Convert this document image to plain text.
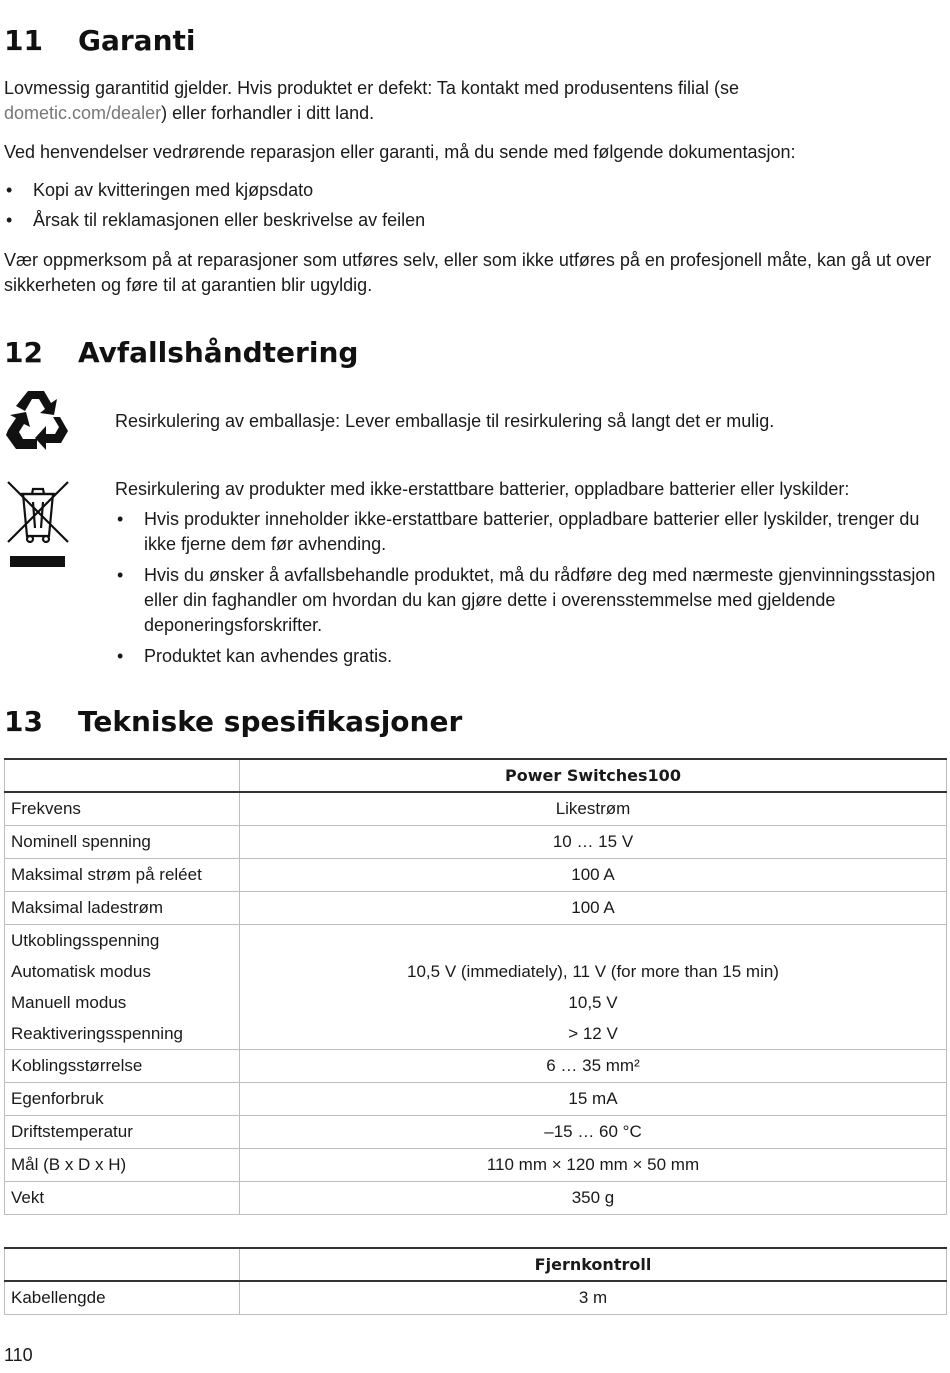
11	Garanti

Lovmessig garantitid gjelder. Hvis produktet er defekt: Ta kontakt med produsentens filial (se dometic.com/dealer) eller forhandler i ditt land.

Ved henvendelser vedrørende reparasjon eller garanti, må du sende med følgende dokumentasjon:

• Kopi av kvitteringen med kjøpsdato
• Årsak til reklamasjonen eller beskrivelse av feilen

Vær oppmerksom på at reparasjoner som utføres selv, eller som ikke utføres på en profesjonell måte, kan gå ut over sikkerheten og føre til at garantien blir ugyldig.

12	Avfallshåndtering

Resirkulering av emballasje: Lever emballasje til resirkulering så langt det er mulig.

Resirkulering av produkter med ikke-erstattbare batterier, oppladbare batterier eller lyskilder:

• Hvis produkter inneholder ikke-erstattbare batterier, oppladbare batterier eller lyskilder, trenger du ikke fjerne dem før avhending.
• Hvis du ønsker å avfallsbehandle produktet, må du rådføre deg med nærmeste gjenvinningsstasjon eller din faghandler om hvordan du kan gjøre dette i overensstemmelse med gjeldende deponeringsforskrifter.
• Produktet kan avhendes gratis.
13	Tekniske spesifikasjoner
	Power Switches100
Frekvens	Likestrøm
Nominell spenning	10 … 15 V
Maksimal strøm på reléet	100 A
Maksimal ladestrøm	100 A
Utkoblingsspenning	
Automatisk modus	10,5 V (immediately), 11 V (for more than 15 min)
Manuell modus	10,5 V
Reaktiveringsspenning	> 12 V
Koblingsstørrelse	6 … 35 mm²
Egenforbruk	15 mA
Driftstemperatur	–15 … 60 °C
Mål (B x D x H)	110 mm × 120 mm × 50 mm
Vekt	350 g
	Fjernkontroll
Kabellengde	3 m
110
